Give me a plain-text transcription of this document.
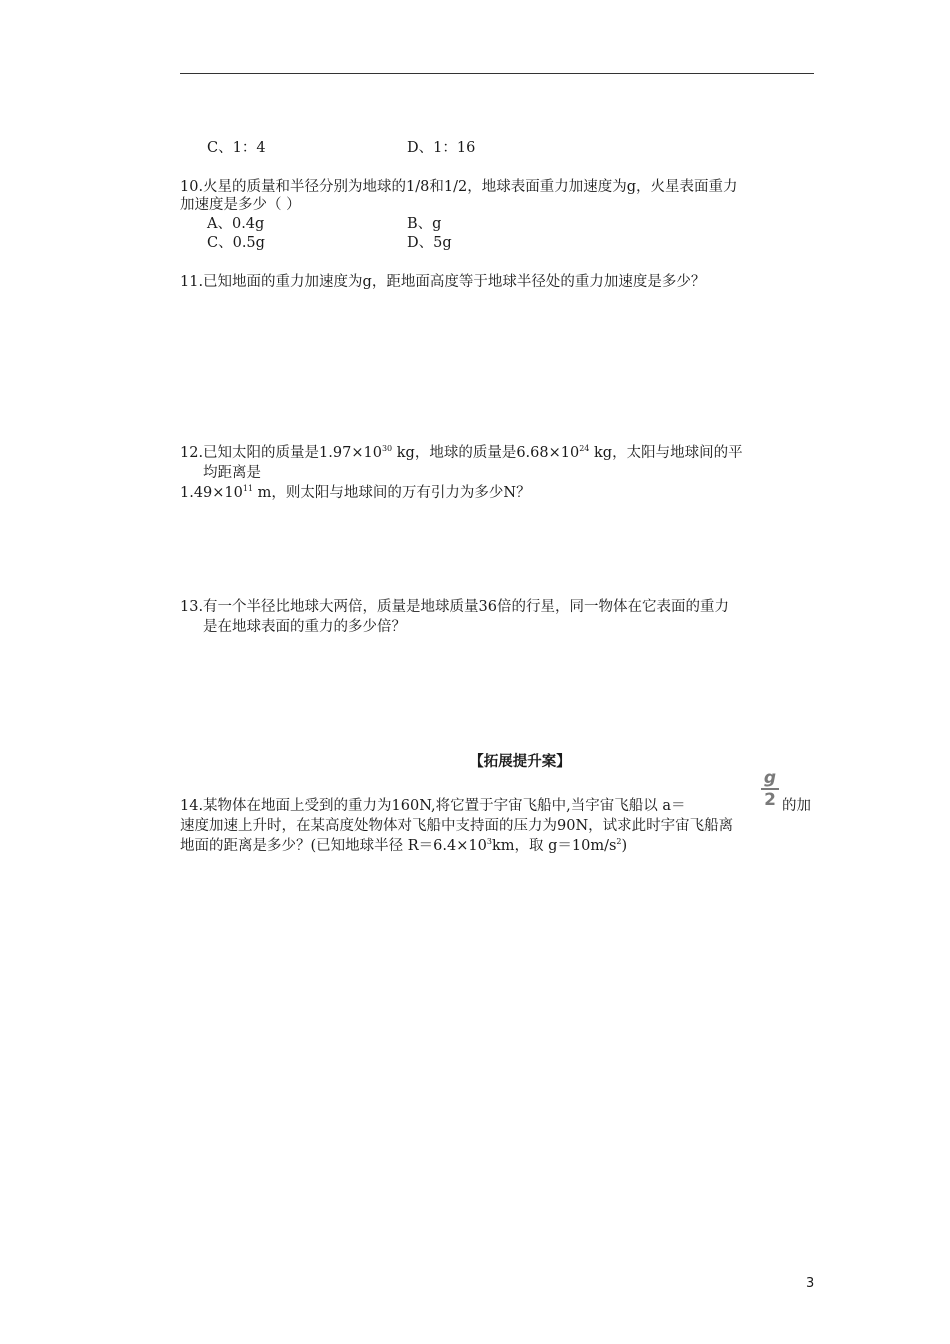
C、1：4	D、1：16
10.火星的质量和半径分别为地球的1/8和1/2，地球表面重力加速度为g，火星表面重力
加速度是多少（ ）
A、0.4g	B、g
C、0.5g	D、5g
11.已知地面的重力加速度为g，距地面高度等于地球半径处的重力加速度是多少？
12.已知太阳的质量是$1.97\times 10^{30}$ kg，地球的质量是$6.68\times 10^{24}$ kg，太阳与地球间的平
均距离是
$1.49\times 10^{11}$ m，则太阳与地球间的万有引力为多少N？
13.有一个半径比地球大两倍，质量是地球质量36倍的行星，同一物体在它表面的重力
是在地球表面的重力的多少倍？
【拓展提升案】
14.某物体在地面上受到的重力为160N,将它置于宇宙飞船中,当宇宙飞船以 a＝
g
2 的加
速度加速上升时，在某高度处物体对飞船中支持面的压力为90N，试求此时宇宙飞船离
地面的距离是多少？(已知地球半径 $R=6.4\times 10^3km$，取 $g=10m/s^2$)
3
